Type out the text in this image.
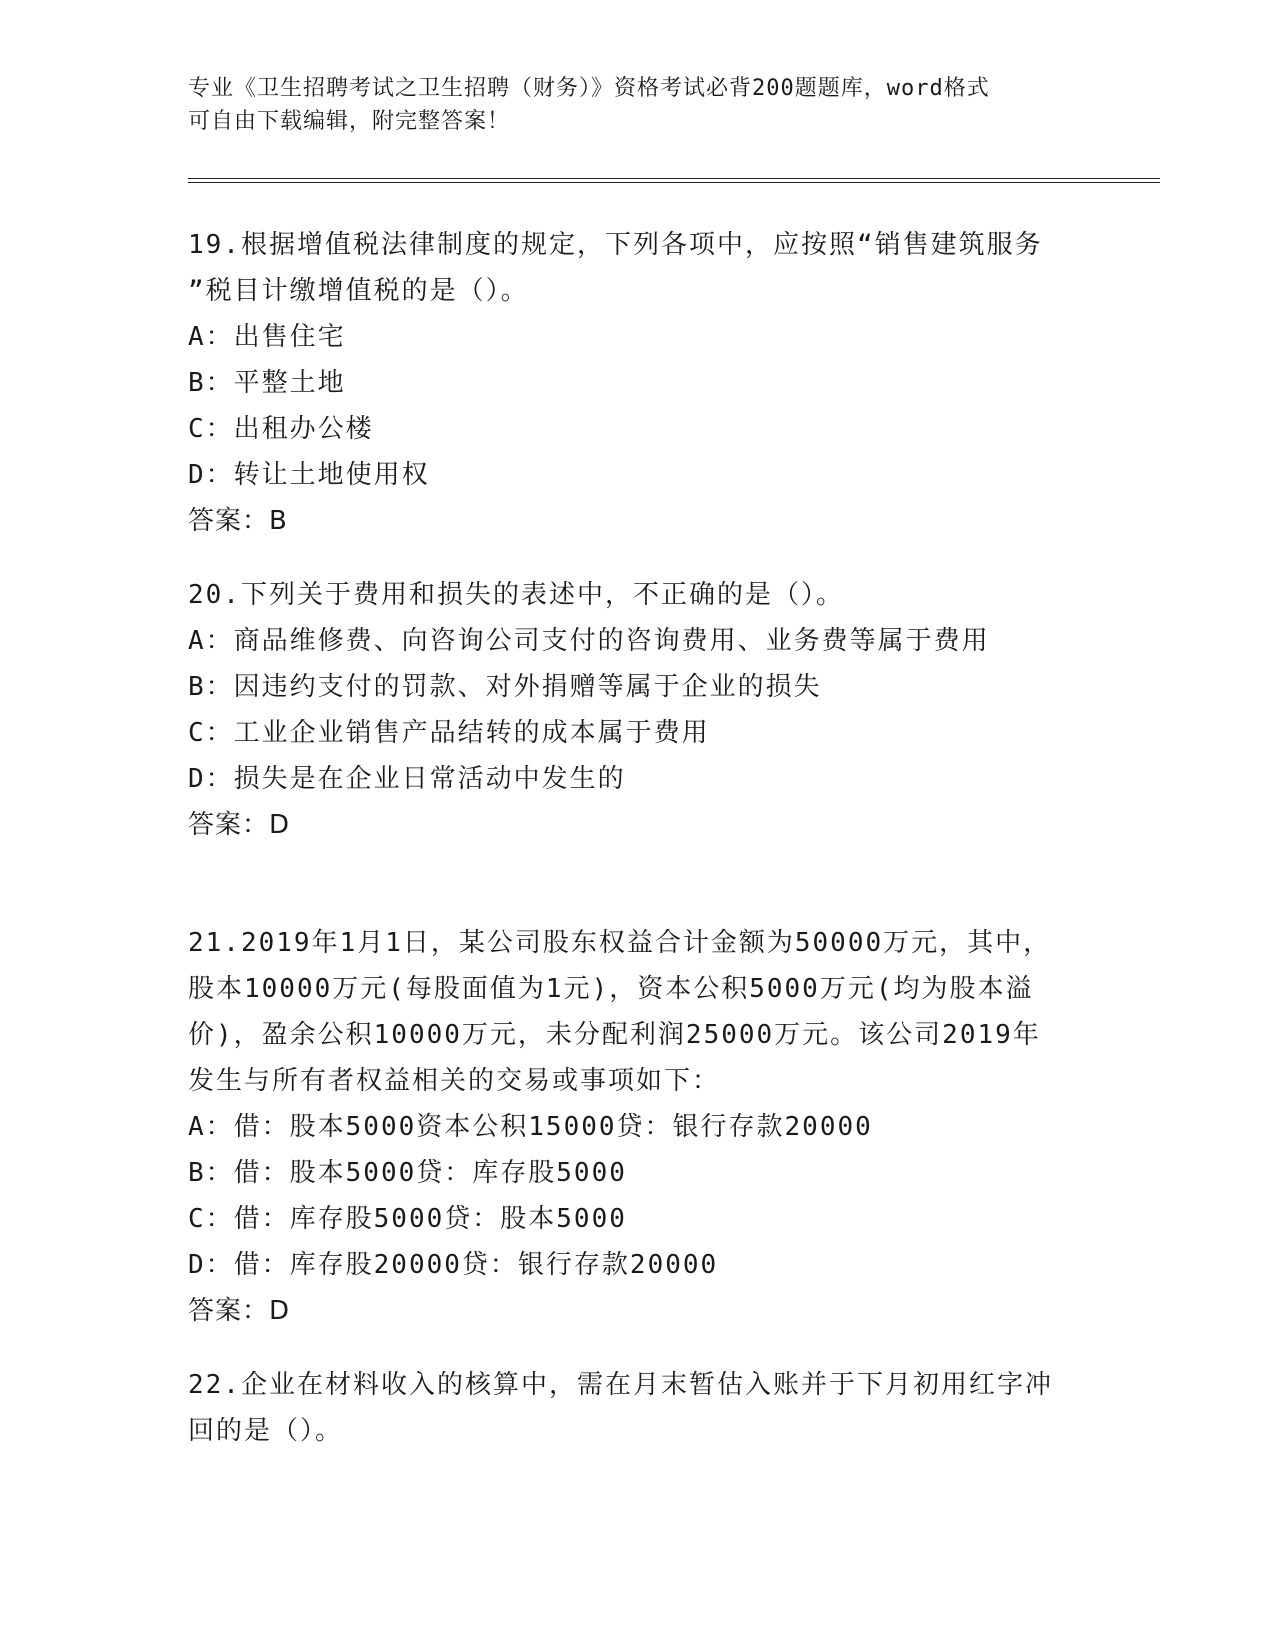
专业《卫生招聘考试之卫生招聘（财务）》资格考试必背200题题库，word格式
可自由下载编辑，附完整答案！
19.根据增值税法律制度的规定，下列各项中，应按照“销售建筑服务
”税目计缴增值税的是（）。
A：出售住宅
B：平整土地
C：出租办公楼
D：转让土地使用权
答案：B
20.下列关于费用和损失的表述中，不正确的是（）。
A：商品维修费、向咨询公司支付的咨询费用、业务费等属于费用
B：因违约支付的罚款、对外捐赠等属于企业的损失
C：工业企业销售产品结转的成本属于费用
D：损失是在企业日常活动中发生的
答案：D
21.2019年1月1日，某公司股东权益合计金额为50000万元，其中，
股本10000万元(每股面值为1元)，资本公积5000万元(均为股本溢
价)，盈余公积10000万元，未分配利润25000万元。该公司2019年
发生与所有者权益相关的交易或事项如下：
A：借：股本5000资本公积15000贷：银行存款20000
B：借：股本5000贷：库存股5000
C：借：库存股5000贷：股本5000
D：借：库存股20000贷：银行存款20000
答案：D
22.企业在材料收入的核算中，需在月末暂估入账并于下月初用红字冲
回的是（）。
